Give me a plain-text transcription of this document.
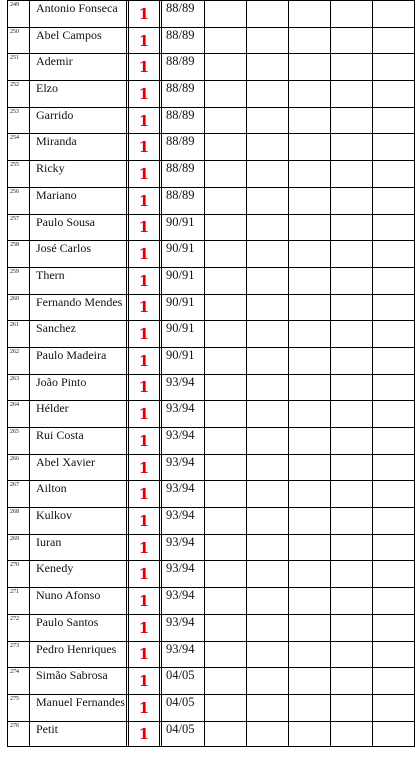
249	Antonio Fonseca		1		88/89					
250	Abel Campos		1		88/89					
251	Ademir		1		88/89					
252	Elzo		1		88/89					
253	Garrido		1		88/89					
254	Miranda		1		88/89					
255	Ricky		1		88/89					
256	Mariano		1		88/89					
257	Paulo Sousa		1		90/91					
258	José Carlos		1		90/91					
259	Thern		1		90/91					
260	Fernando Mendes		1		90/91					
261	Sanchez		1		90/91					
262	Paulo Madeira		1		90/91					
263	João Pinto		1		93/94					
264	Hélder		1		93/94					
265	Rui Costa		1		93/94					
266	Abel Xavier		1		93/94					
267	Ailton		1		93/94					
268	Kulkov		1		93/94					
269	Iuran		1		93/94					
270	Kenedy		1		93/94					
271	Nuno Afonso		1		93/94					
272	Paulo Santos		1		93/94					
273	Pedro Henriques		1		93/94					
274	Simão Sabrosa		1		04/05					
275	Manuel Fernandes		1		04/05					
276	Petit		1		04/05					
